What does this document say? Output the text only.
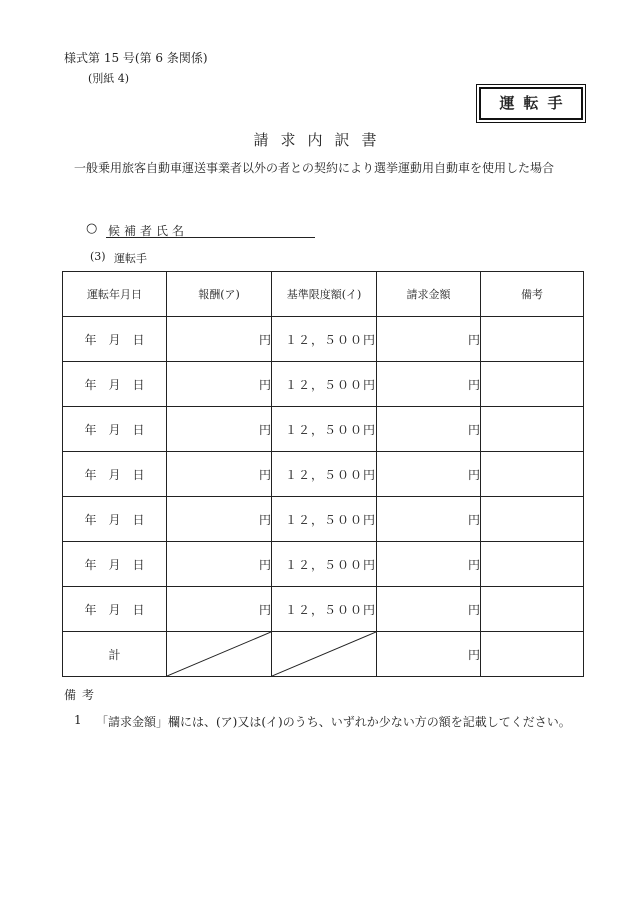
様式第 15 号(第 6 条関係)
(別紙 4)
運転手
請求内訳書
一般乗用旅客自動車運送事業者以外の者との契約により選挙運動用自動車を使用した場合
○ 候補者氏名
(3) 運転手
運転年月日	報酬(ア)	基準限度額(イ)	請求金額	備考
年　月　日	円	１２，５００円	円	
年　月　日	円	１２，５００円	円	
年　月　日	円	１２，５００円	円	
年　月　日	円	１２，５００円	円	
年　月　日	円	１２，５００円	円	
年　月　日	円	１２，５００円	円	
年　月　日	円	１２，５００円	円	
計			円	
備考
1 「請求金額」欄には、(ア)又は(イ)のうち、いずれか少ない方の額を記載してください。
